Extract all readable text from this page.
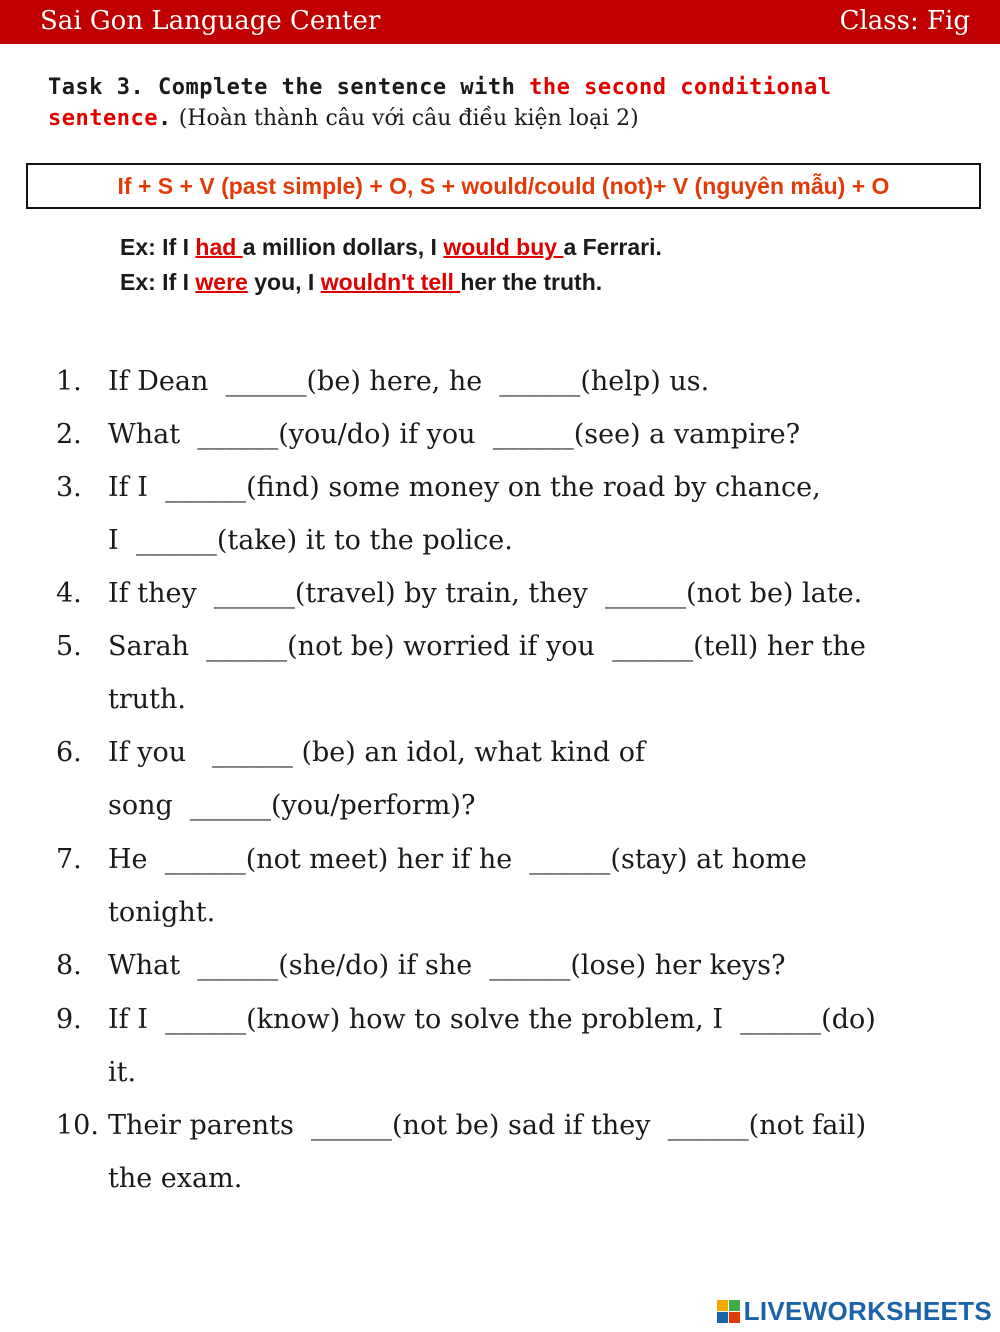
Sai Gon Language Center	Class: Fig
Task 3. Complete the sentence with the second conditional
sentence. (Hoàn thành câu với câu điều kiện loại 2)
If + S + V (past simple) + O, S + would/could (not)+ V (nguyên mẫu) + O
Ex: If I had a million dollars, I would buy a Ferrari.
Ex: If I were you, I wouldn't tell her the truth.
1. If Dean  ______(be) here, he  ______(help) us.
2. What  ______(you/do) if you  ______(see) a vampire?
3. If I  ______(find) some money on the road by chance,
I  ______(take) it to the police.
4. If they  ______(travel) by train, they  ______(not be) late.
5. Sarah  ______(not be) worried if you  ______(tell) her the
truth.
6. If you   ______ (be) an idol, what kind of
song  ______(you/perform)?
7. He  ______(not meet) her if he  ______(stay) at home
tonight.
8. What  ______(she/do) if she  ______(lose) her keys?
9. If I  ______(know) how to solve the problem, I  ______(do)
it.
10. Their parents  ______(not be) sad if they  ______(not fail)
the exam.
LIVEWORKSHEETS
